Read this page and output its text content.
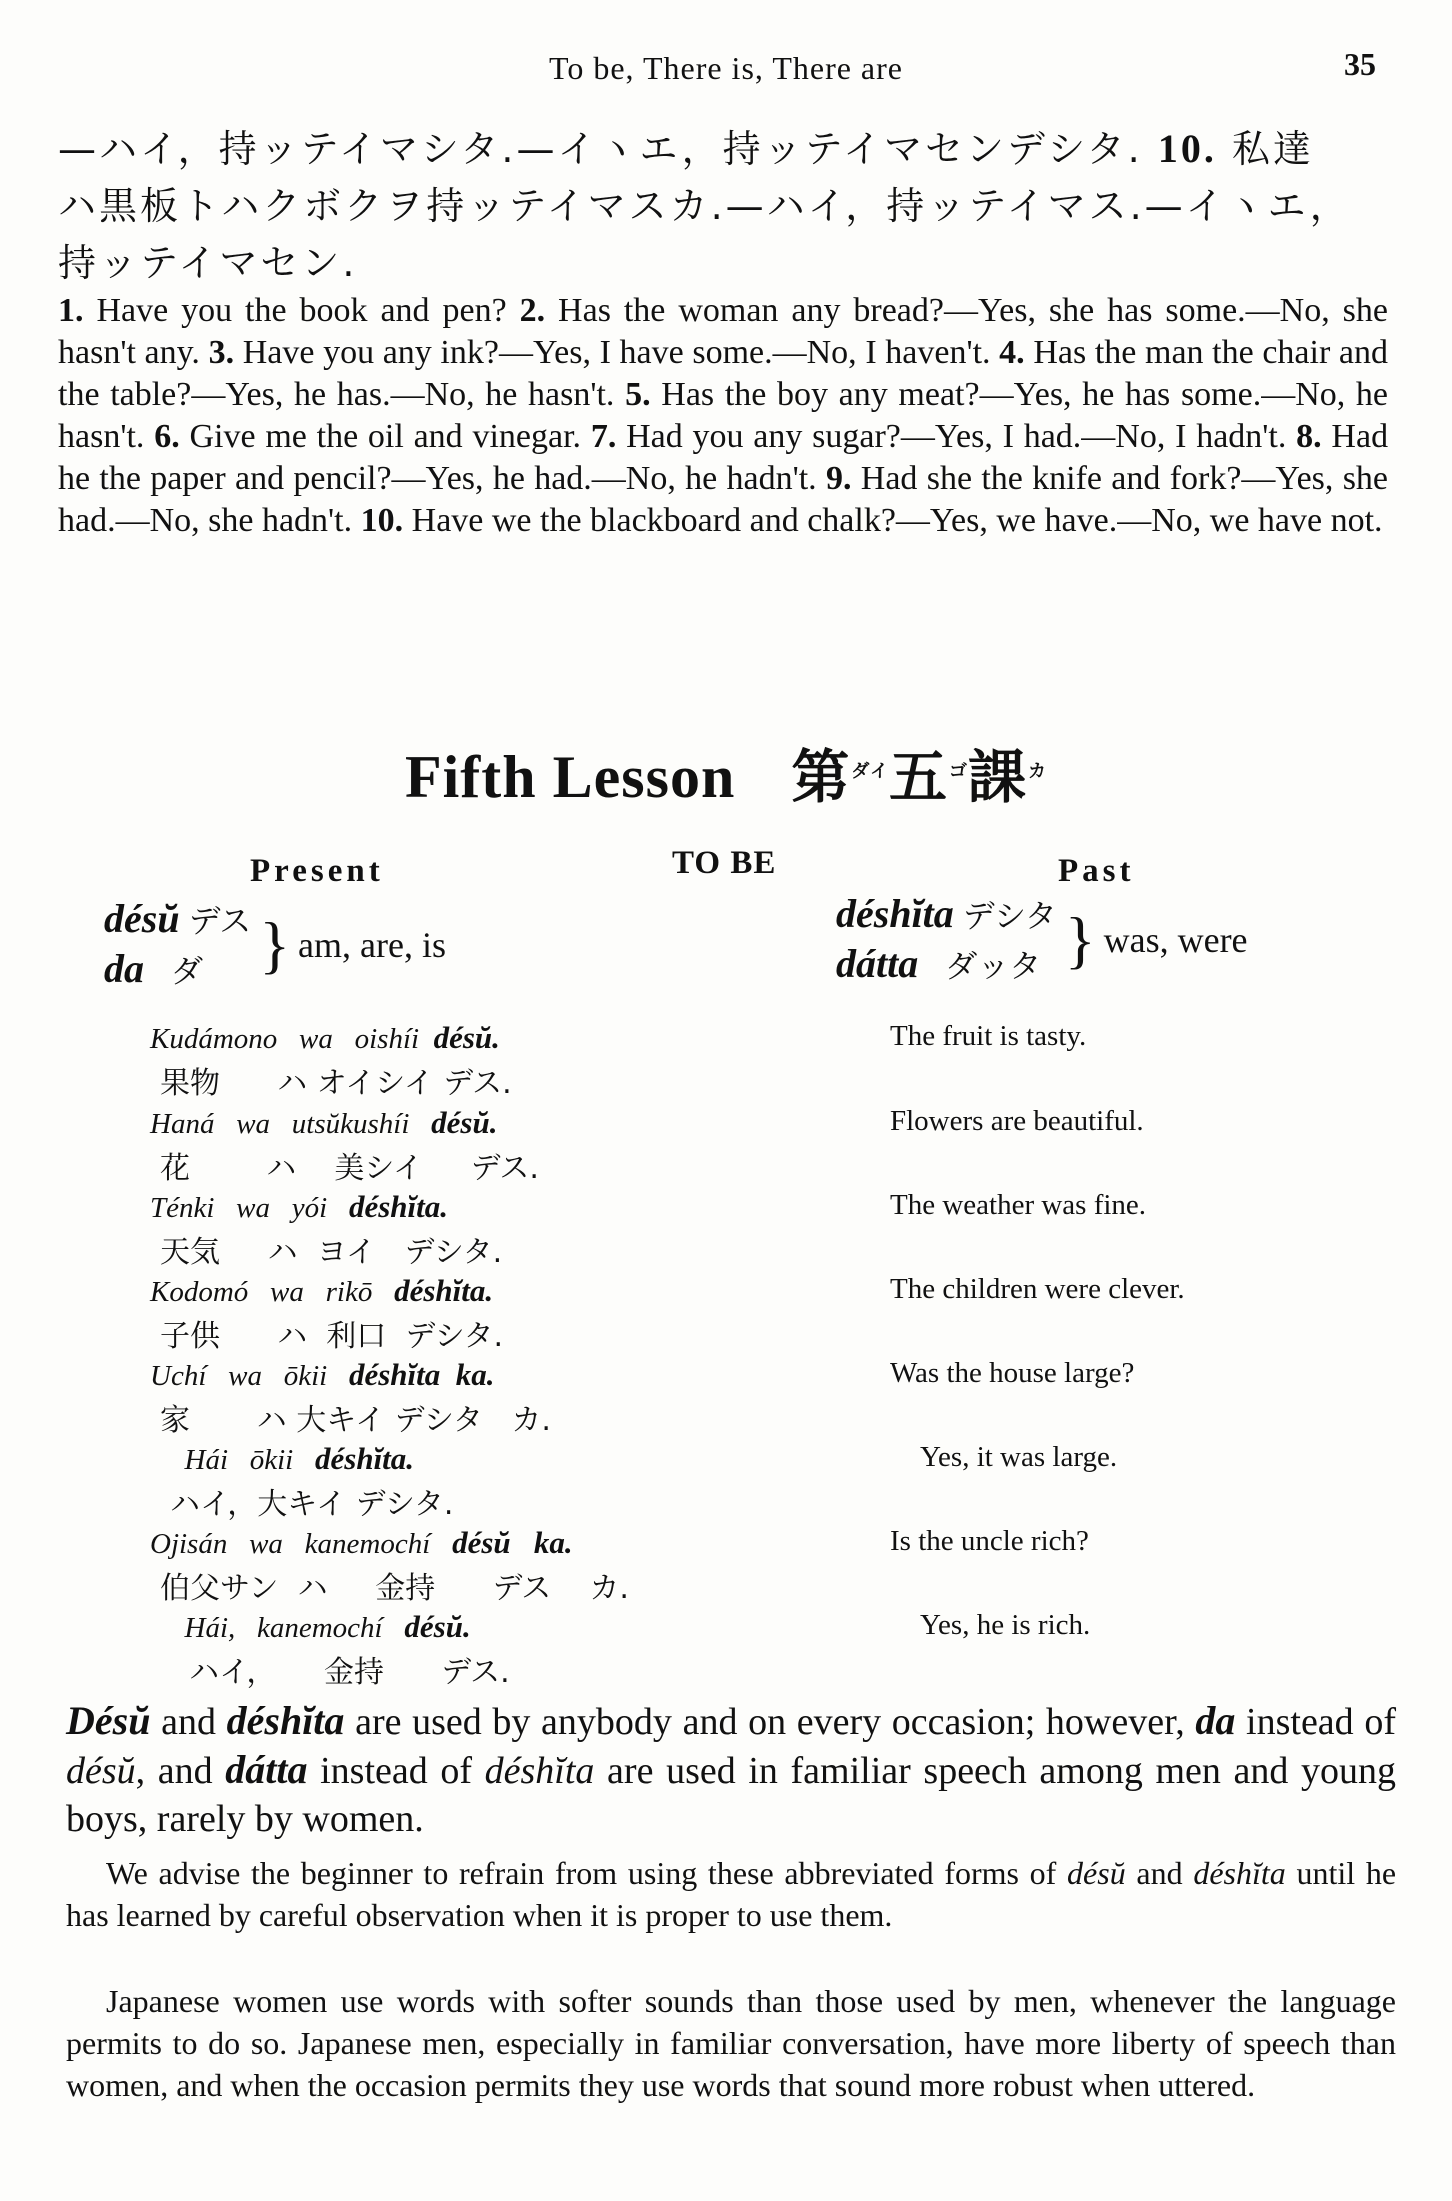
To be, There is, There are	35
—ハイ，持ッテイマシタ.—イヽエ，持ッテイマセンデシタ. 10. 私達
ハ黒板トハクボクヲ持ッテイマスカ.—ハイ，持ッテイマス.—イヽエ，
持ッテイマセン.
1. Have you the book and pen? 2. Has the woman any bread?—Yes, she has some.—No, she hasn't any. 3. Have you any ink?—Yes, I have some.—No, I haven't. 4. Has the man the chair and the table?—Yes, he has.—No, he hasn't. 5. Has the boy any meat?—Yes, he has some.—No, he hasn't. 6. Give me the oil and vinegar. 7. Had you any sugar?—Yes, I had.—No, I hadn't. 8. Had he the paper and pencil?—Yes, he had.—No, he hadn't. 9. Had she the knife and fork?—Yes, she had.—No, she hadn't. 10. Have we the blackboard and chalk?—Yes, we have.—No, we have not.
Fifth Lesson 第$^{ダイ}$五$^ゴ$課$^カ$
Present	TO BE	Past
désŭ デス
da ダ } am, are, is
déshĭta デシタ
dátta ダッタ } was, were
Kudámono   wa   oishíi  désŭ.
果物      ハ オイシイ デス.
The fruit is tasty.
Haná   wa   utsŭkushíi   désŭ.
花        ハ    美シイ     デス.
Flowers are beautiful.
Ténki   wa   yói   déshĭta.
天気     ハ  ヨイ   デシタ.
The weather was fine.
Kodomó   wa   rikō   déshĭta.
子供      ハ  利口  デシタ.
The children were clever.
Uchí   wa   ōkii   déshĭta  ka.
家       ハ 大キイ デシタ   カ.
Was the house large?
Hái   ōkii   déshĭta.
ハイ，大キイ デシタ.
Yes, it was large.
Ojisán   wa   kanemochí   désŭ   ka.
伯父サン  ハ     金持      デス    カ.
Is the uncle rich?
Hái,   kanemochí   désŭ.
ハイ，     金持      デス.
Yes, he is rich.
Désŭ and déshĭta are used by anybody and on every occasion; however, da instead of désŭ, and dátta instead of déshĭta are used in familiar speech among men and young boys, rarely by women.
We advise the beginner to refrain from using these abbreviated forms of désŭ and déshĭta until he has learned by careful observation when it is proper to use them.
Japanese women use words with softer sounds than those used by men, whenever the language permits to do so. Japanese men, especially in familiar conversation, have more liberty of speech than women, and when the occasion permits they use words that sound more robust when uttered.
